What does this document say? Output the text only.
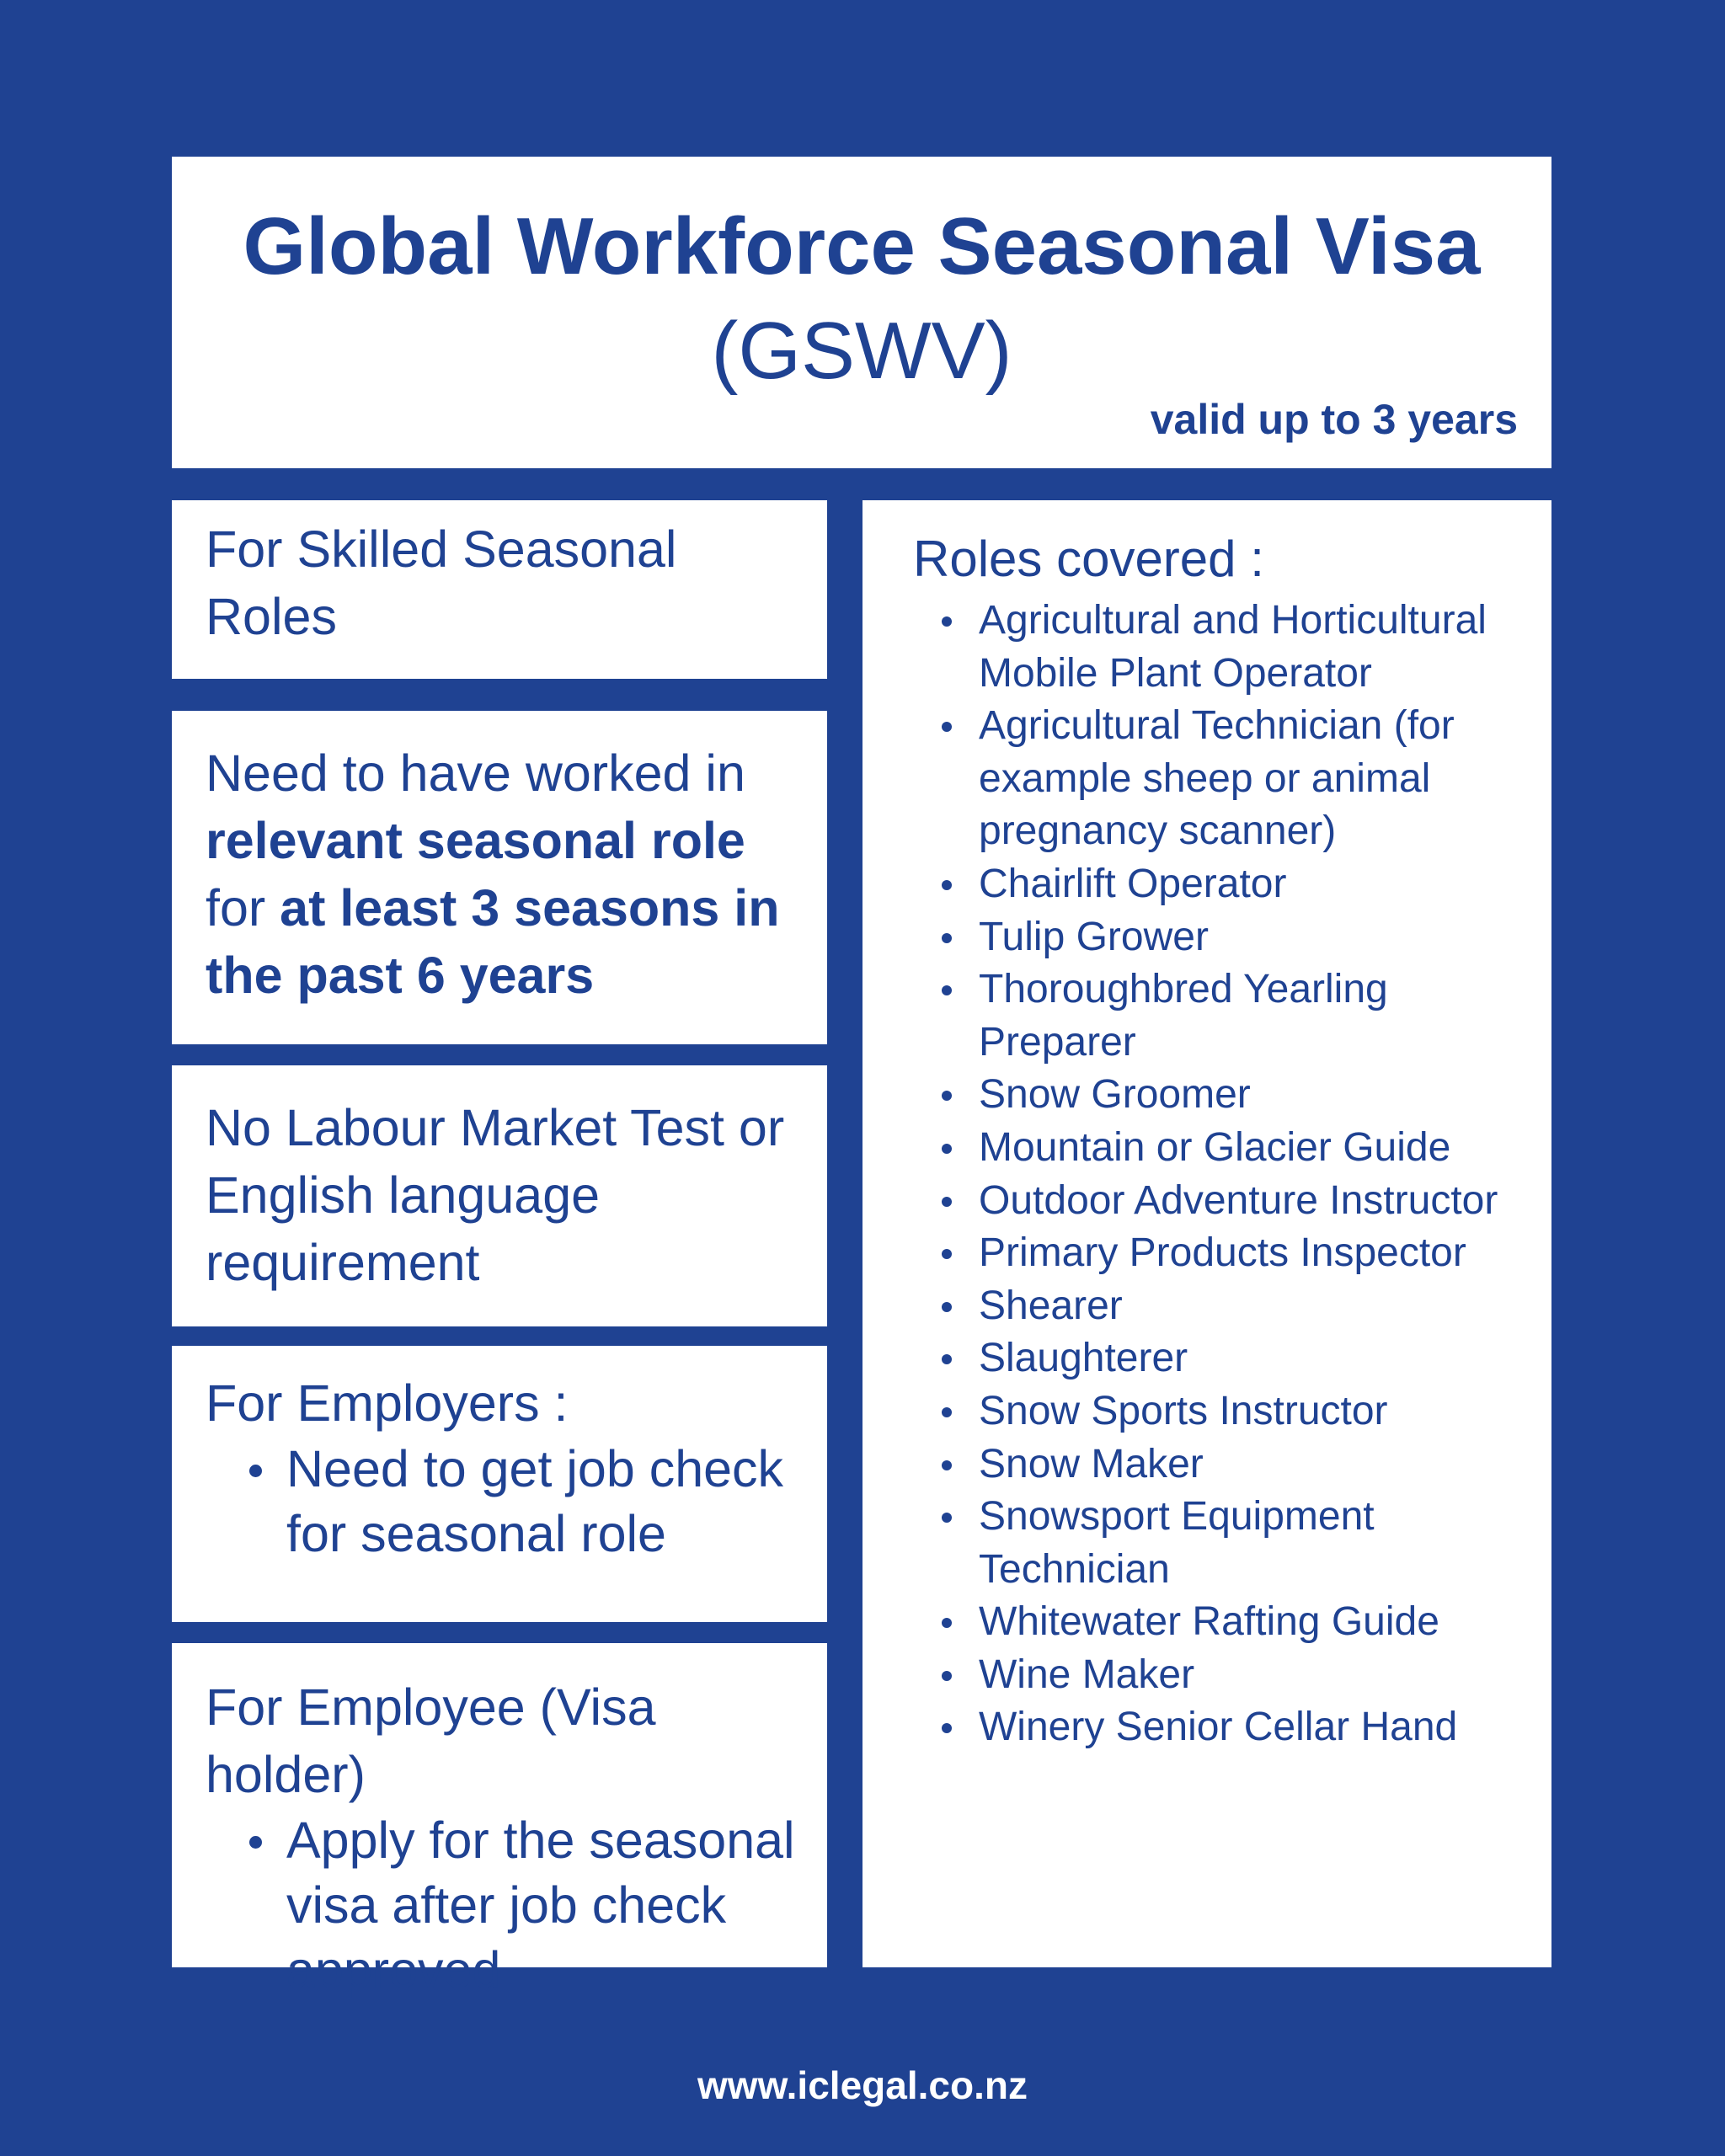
Global Workforce Seasonal Visa
(GSWV)
valid up to 3 years
For Skilled Seasonal Roles
Need to have worked in relevant seasonal role for at least 3 seasons in the past 6 years
No Labour Market Test or English language requirement
For Employers :
Need to get job check for seasonal role
For Employee (Visa holder)
Apply for the seasonal visa after job check approved
Roles covered :
Agricultural and Horticultural Mobile Plant Operator
Agricultural Technician (for example sheep or animal pregnancy scanner)
Chairlift Operator
Tulip Grower
Thoroughbred Yearling Preparer
Snow Groomer
Mountain or Glacier Guide
Outdoor Adventure Instructor
Primary Products Inspector
Shearer
Slaughterer
Snow Sports Instructor
Snow Maker
Snowsport Equipment Technician
Whitewater Rafting Guide
Wine Maker
Winery Senior Cellar Hand
www.iclegal.co.nz
